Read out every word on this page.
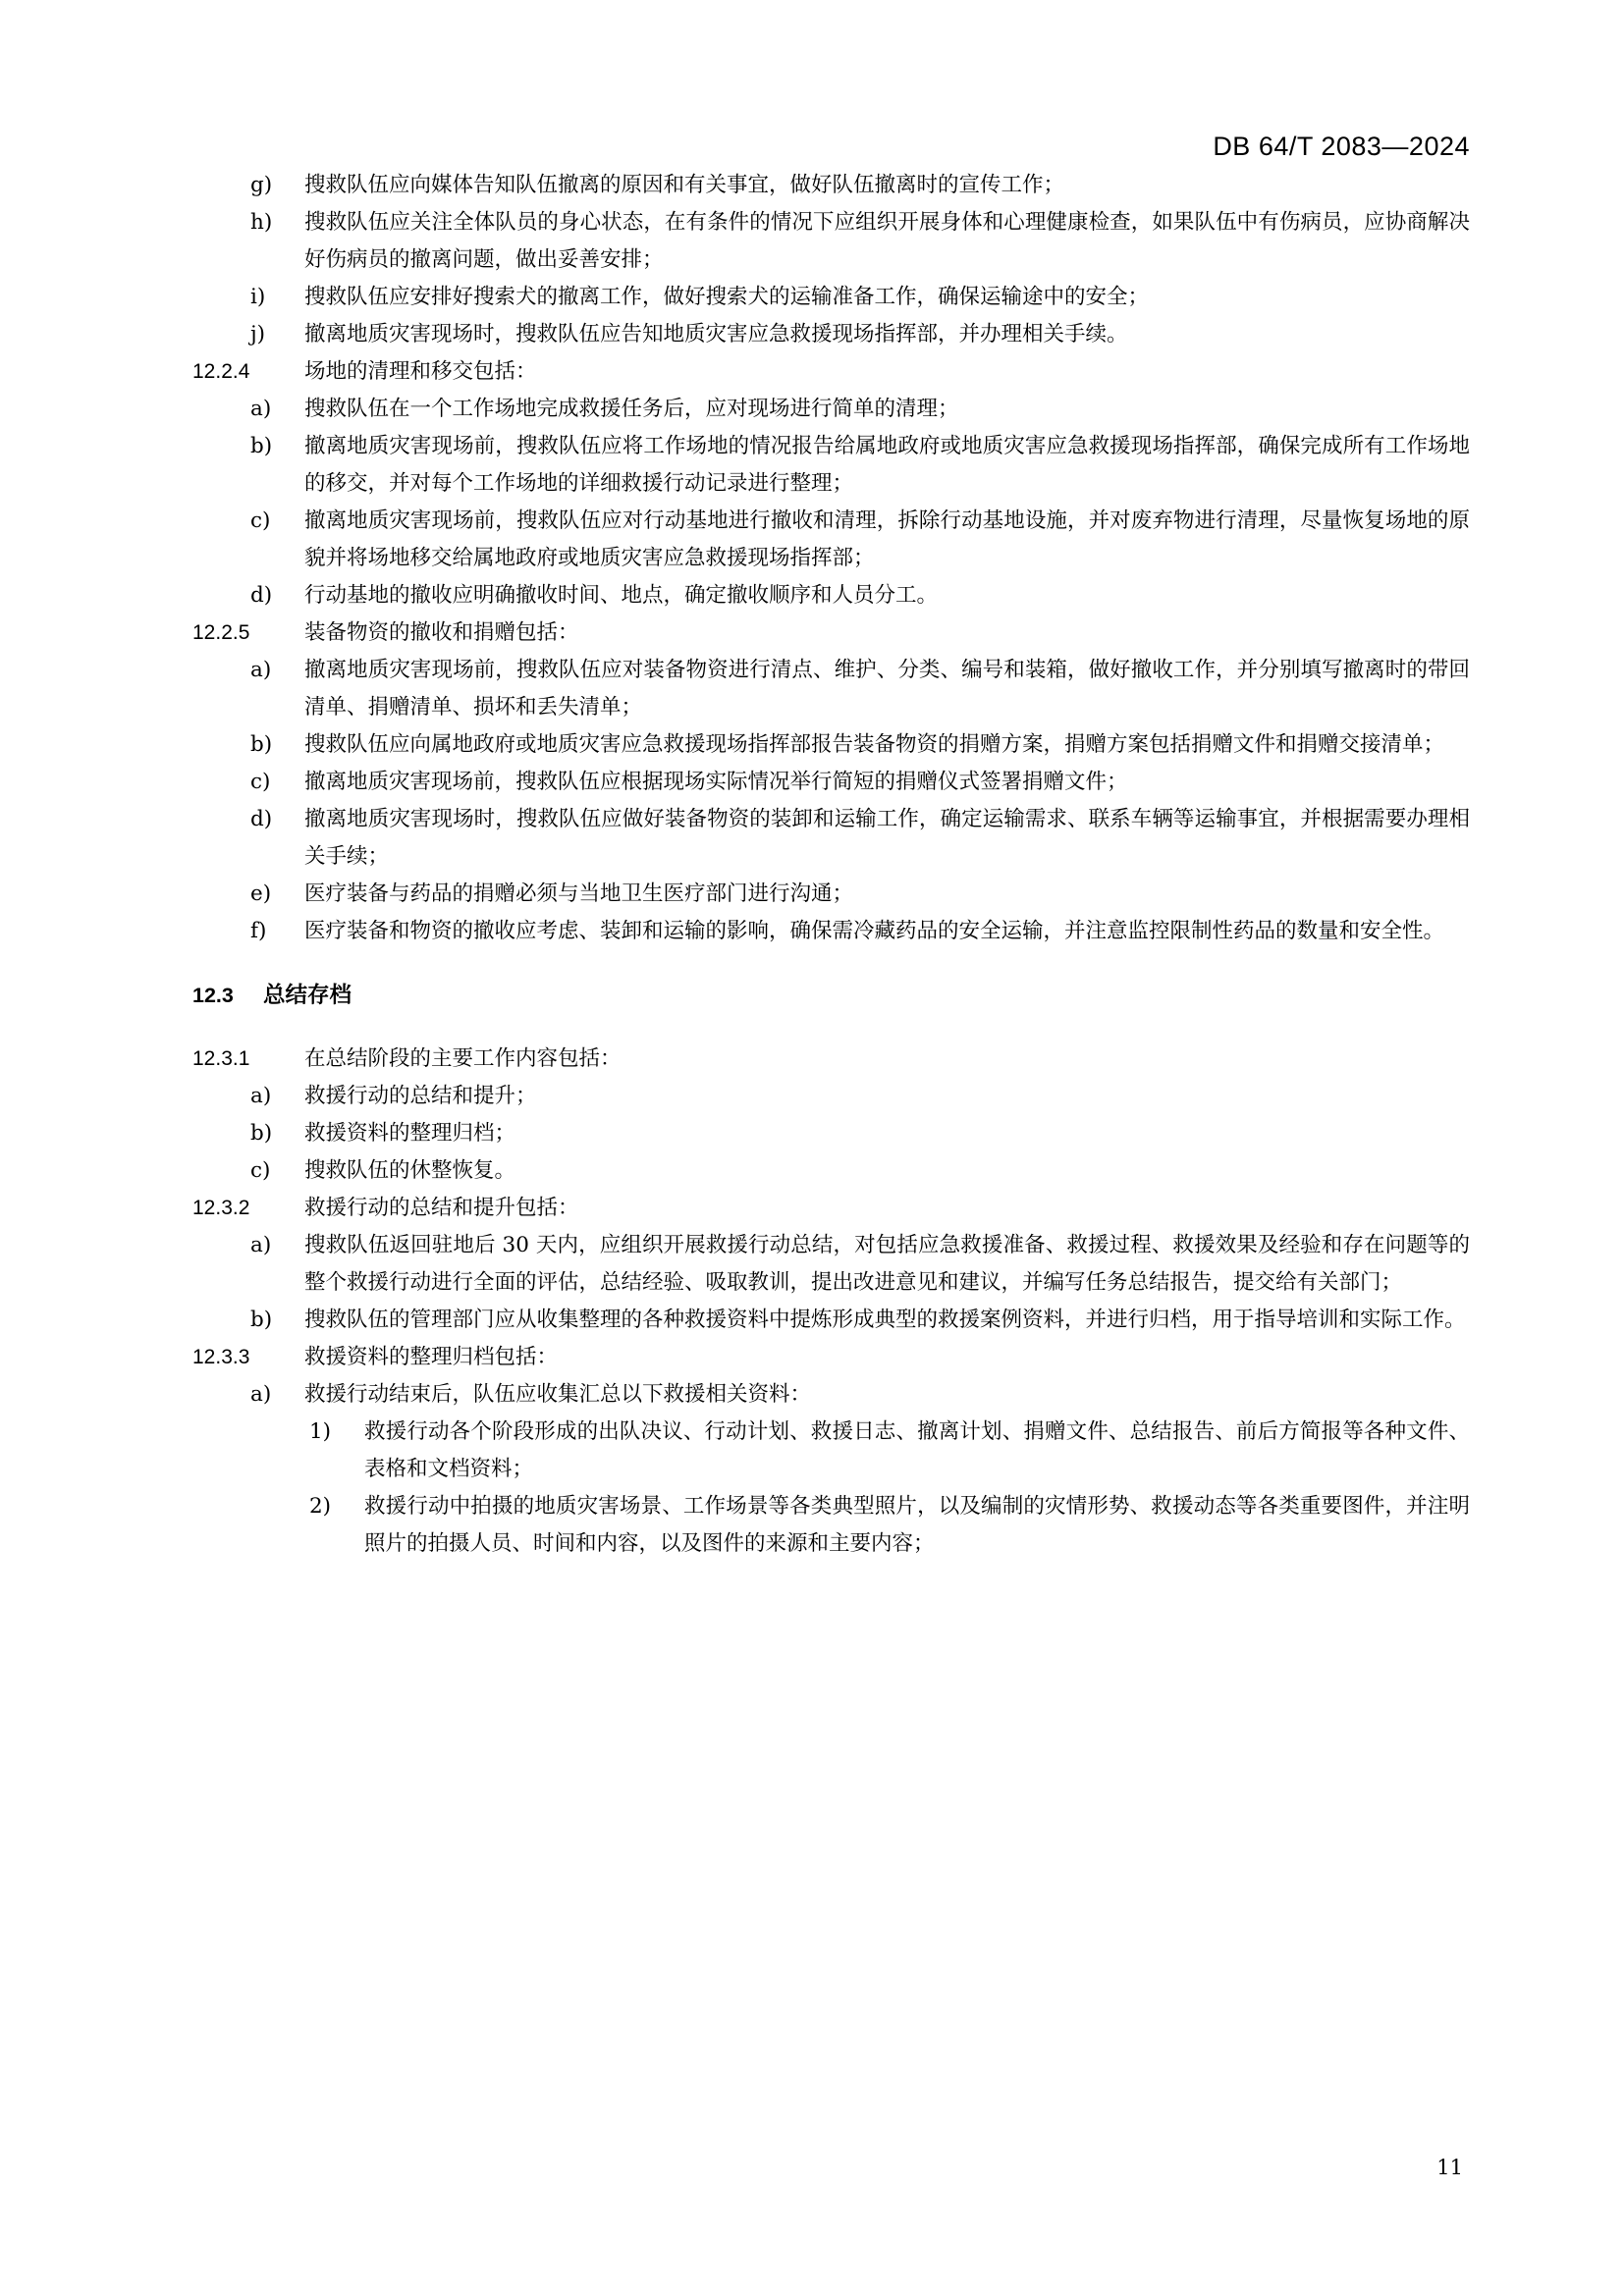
DB 64/T 2083—2024
g)	搜救队伍应向媒体告知队伍撤离的原因和有关事宜，做好队伍撤离时的宣传工作；
h)	搜救队伍应关注全体队员的身心状态，在有条件的情况下应组织开展身体和心理健康检查，如果队伍中有伤病员，应协商解决好伤病员的撤离问题，做出妥善安排；
i)	搜救队伍应安排好搜索犬的撤离工作，做好搜索犬的运输准备工作，确保运输途中的安全；
j)	撤离地质灾害现场时，搜救队伍应告知地质灾害应急救援现场指挥部，并办理相关手续。
12.2.4	场地的清理和移交包括：
a)	搜救队伍在一个工作场地完成救援任务后，应对现场进行简单的清理；
b)	撤离地质灾害现场前，搜救队伍应将工作场地的情况报告给属地政府或地质灾害应急救援现场指挥部，确保完成所有工作场地的移交，并对每个工作场地的详细救援行动记录进行整理；
c)	撤离地质灾害现场前，搜救队伍应对行动基地进行撤收和清理，拆除行动基地设施，并对废弃物进行清理，尽量恢复场地的原貌并将场地移交给属地政府或地质灾害应急救援现场指挥部；
d)	行动基地的撤收应明确撤收时间、地点，确定撤收顺序和人员分工。
12.2.5	装备物资的撤收和捐赠包括：
a)	撤离地质灾害现场前，搜救队伍应对装备物资进行清点、维护、分类、编号和装箱，做好撤收工作，并分别填写撤离时的带回清单、捐赠清单、损坏和丢失清单；
b)	搜救队伍应向属地政府或地质灾害应急救援现场指挥部报告装备物资的捐赠方案，捐赠方案包括捐赠文件和捐赠交接清单；
c)	撤离地质灾害现场前，搜救队伍应根据现场实际情况举行简短的捐赠仪式签署捐赠文件；
d)	撤离地质灾害现场时，搜救队伍应做好装备物资的装卸和运输工作，确定运输需求、联系车辆等运输事宜，并根据需要办理相关手续；
e)	医疗装备与药品的捐赠必须与当地卫生医疗部门进行沟通；
f)	医疗装备和物资的撤收应考虑、装卸和运输的影响，确保需冷藏药品的安全运输，并注意监控限制性药品的数量和安全性。
12.3	总结存档
12.3.1	在总结阶段的主要工作内容包括：
a)	救援行动的总结和提升；
b)	救援资料的整理归档；
c)	搜救队伍的休整恢复。
12.3.2	救援行动的总结和提升包括：
a)	搜救队伍返回驻地后 30 天内，应组织开展救援行动总结，对包括应急救援准备、救援过程、救援效果及经验和存在问题等的整个救援行动进行全面的评估，总结经验、吸取教训，提出改进意见和建议，并编写任务总结报告，提交给有关部门；
b)	搜救队伍的管理部门应从收集整理的各种救援资料中提炼形成典型的救援案例资料，并进行归档，用于指导培训和实际工作。
12.3.3	救援资料的整理归档包括：
a)	救援行动结束后，队伍应收集汇总以下救援相关资料：
1)	救援行动各个阶段形成的出队决议、行动计划、救援日志、撤离计划、捐赠文件、总结报告、前后方简报等各种文件、表格和文档资料；
2)	救援行动中拍摄的地质灾害场景、工作场景等各类典型照片，以及编制的灾情形势、救援动态等各类重要图件，并注明照片的拍摄人员、时间和内容，以及图件的来源和主要内容；
11
